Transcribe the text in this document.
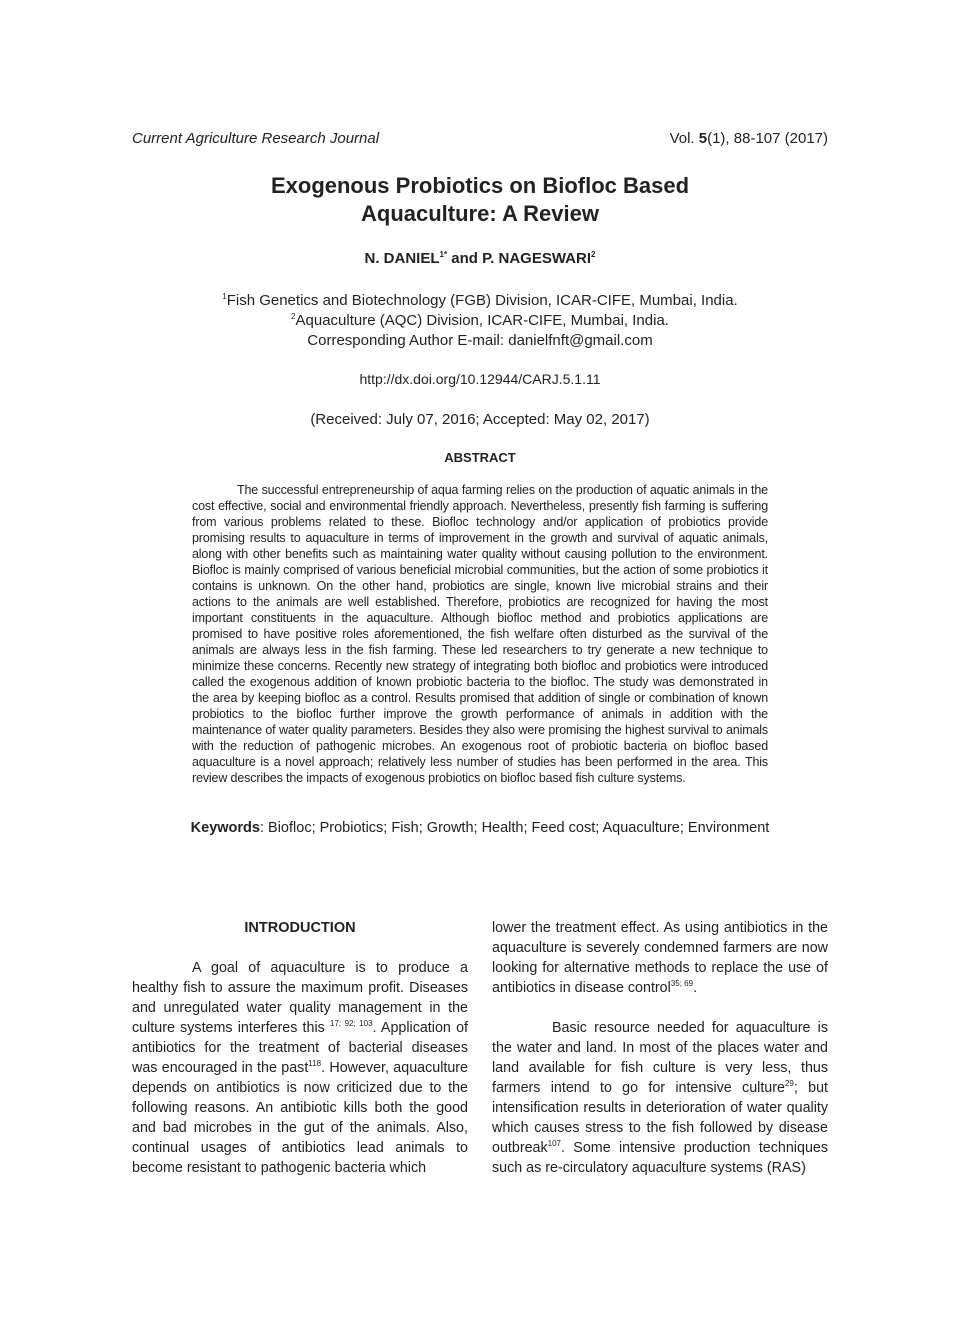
Current Agriculture Research Journal	Vol. 5(1), 88-107 (2017)
Exogenous Probiotics on Biofloc Based
Aquaculture: A Review
N. $DANIEL^{1*}$ and P. NAGESWARI$^2$
$^1$Fish Genetics and Biotechnology (FGB) Division, ICAR-CIFE, Mumbai, India.
$^2$Aquaculture (AQC) Division, ICAR-CIFE, Mumbai, India.
Corresponding Author E-mail: danielfnft@gmail.com
http://dx.doi.org/10.12944/CARJ.5.1.11
(Received: July 07, 2016; Accepted: May 02, 2017)
ABSTRACT
The successful entrepreneurship of aqua farming relies on the production of aquatic animals in the cost effective, social and environmental friendly approach. Nevertheless, presently fish farming is suffering from various problems related to these. Biofloc technology and/or application of probiotics provide promising results to aquaculture in terms of improvement in the growth and survival of aquatic animals, along with other benefits such as maintaining water quality without causing pollution to the environment. Biofloc is mainly comprised of various beneficial microbial communities, but the action of some probiotics it contains is unknown. On the other hand, probiotics are single, known live microbial strains and their actions to the animals are well established. Therefore, probiotics are recognized for having the most important constituents in the aquaculture. Although biofloc method and probiotics applications are promised to have positive roles aforementioned, the fish welfare often disturbed as the survival of the animals are always less in the fish farming. These led researchers to try generate a new technique to minimize these concerns. Recently new strategy of integrating both biofloc and probiotics were introduced called the exogenous addition of known probiotic bacteria to the biofloc. The study was demonstrated in the area by keeping biofloc as a control. Results promised that addition of single or combination of known probiotics to the biofloc further improve the growth performance of animals in addition with the maintenance of water quality parameters. Besides they also were promising the highest survival to animals with the reduction of pathogenic microbes. An exogenous root of probiotic bacteria on biofloc based aquaculture is a novel approach; relatively less number of studies has been performed in the area. This review describes the impacts of exogenous probiotics on biofloc based fish culture systems.
Keywords: Biofloc; Probiotics; Fish; Growth; Health; Feed cost; Aquaculture; Environment
INTRODUCTION

A goal of aquaculture is to produce a healthy fish to assure the maximum profit. Diseases and unregulated water quality management in the culture systems interferes this $^{17; 92; 103}$. Application of antibiotics for the treatment of bacterial diseases was encouraged in the past$^{118}$. However, aquaculture depends on antibiotics is now criticized due to the following reasons. An antibiotic kills both the good and bad microbes in the gut of the animals. Also, continual usages of antibiotics lead animals to become resistant to pathogenic bacteria which

lower the treatment effect. As using antibiotics in the aquaculture is severely condemned farmers are now looking for alternative methods to replace the use of antibiotics in disease control$^{35; 69}$.

Basic resource needed for aquaculture is the water and land. In most of the places water and land available for fish culture is very less, thus farmers intend to go for intensive culture$^{29}$; but intensification results in deterioration of water quality which causes stress to the fish followed by disease outbreak$^{107}$. Some intensive production techniques such as re-circulatory aquaculture systems (RAS)
